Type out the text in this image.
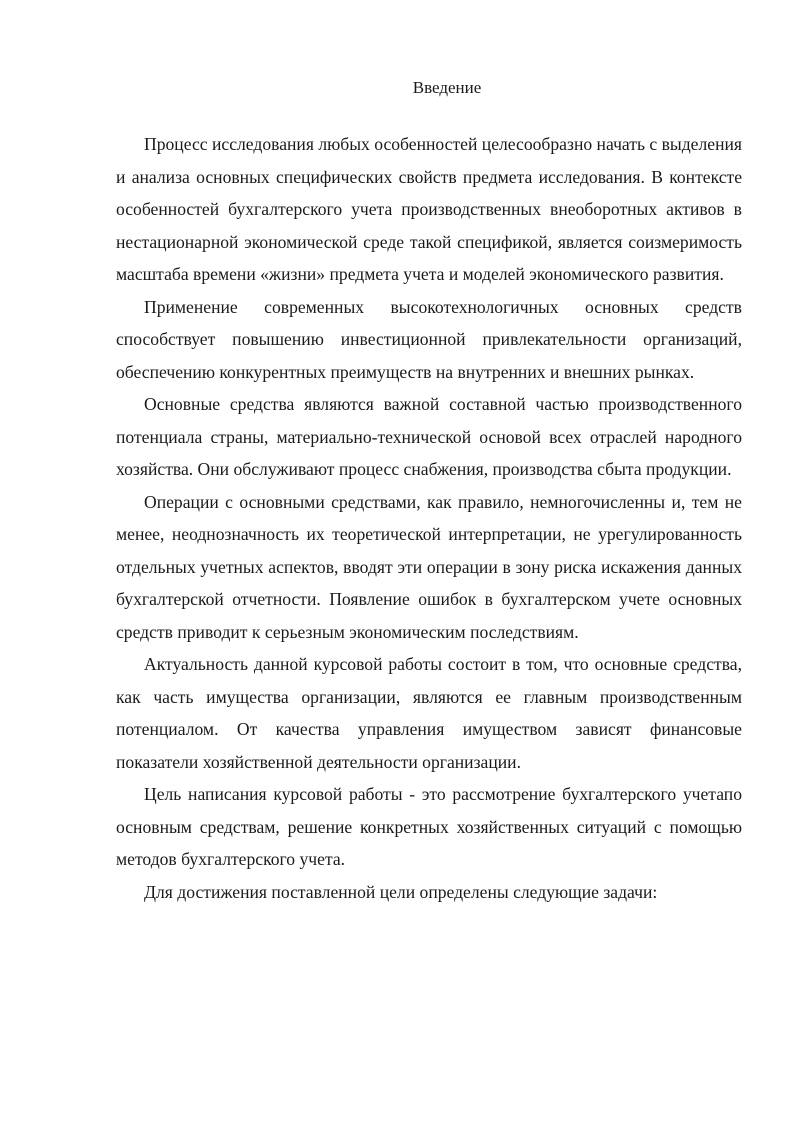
Введение

Процесс исследования любых особенностей целесообразно начать с выделения и анализа основных специфических свойств предмета исследования. В контексте особенностей бухгалтерского учета производственных внеоборотных активов в нестационарной экономической среде такой спецификой, является соизмеримость масштаба времени «жизни» предмета учета и моделей экономического развития.

Применение современных высокотехнологичных основных средств способствует повышению инвестиционной привлекательности организаций, обеспечению конкурентных преимуществ на внутренних и внешних рынках.

Основные средства являются важной составной частью производственного потенциала страны, материально-технической основой всех отраслей народного хозяйства. Они обслуживают процесс снабжения, производства сбыта продукции.

Операции с основными средствами, как правило, немногочисленны и, тем не менее, неоднозначность их теоретической интерпретации, не урегулированность отдельных учетных аспектов, вводят эти операции в зону риска искажения данных бухгалтерской отчетности. Появление ошибок в бухгалтерском учете основных средств приводит к серьезным экономическим последствиям.

Актуальность данной курсовой работы состоит в том, что основные средства, как часть имущества организации, являются ее главным производственным потенциалом. От качества управления имуществом зависят финансовые показатели хозяйственной деятельности организации.

Цель написания курсовой работы - это рассмотрение бухгалтерского учетапо основным средствам, решение конкретных хозяйственных ситуаций с помощью методов бухгалтерского учета.

Для достижения поставленной цели определены следующие задачи:
